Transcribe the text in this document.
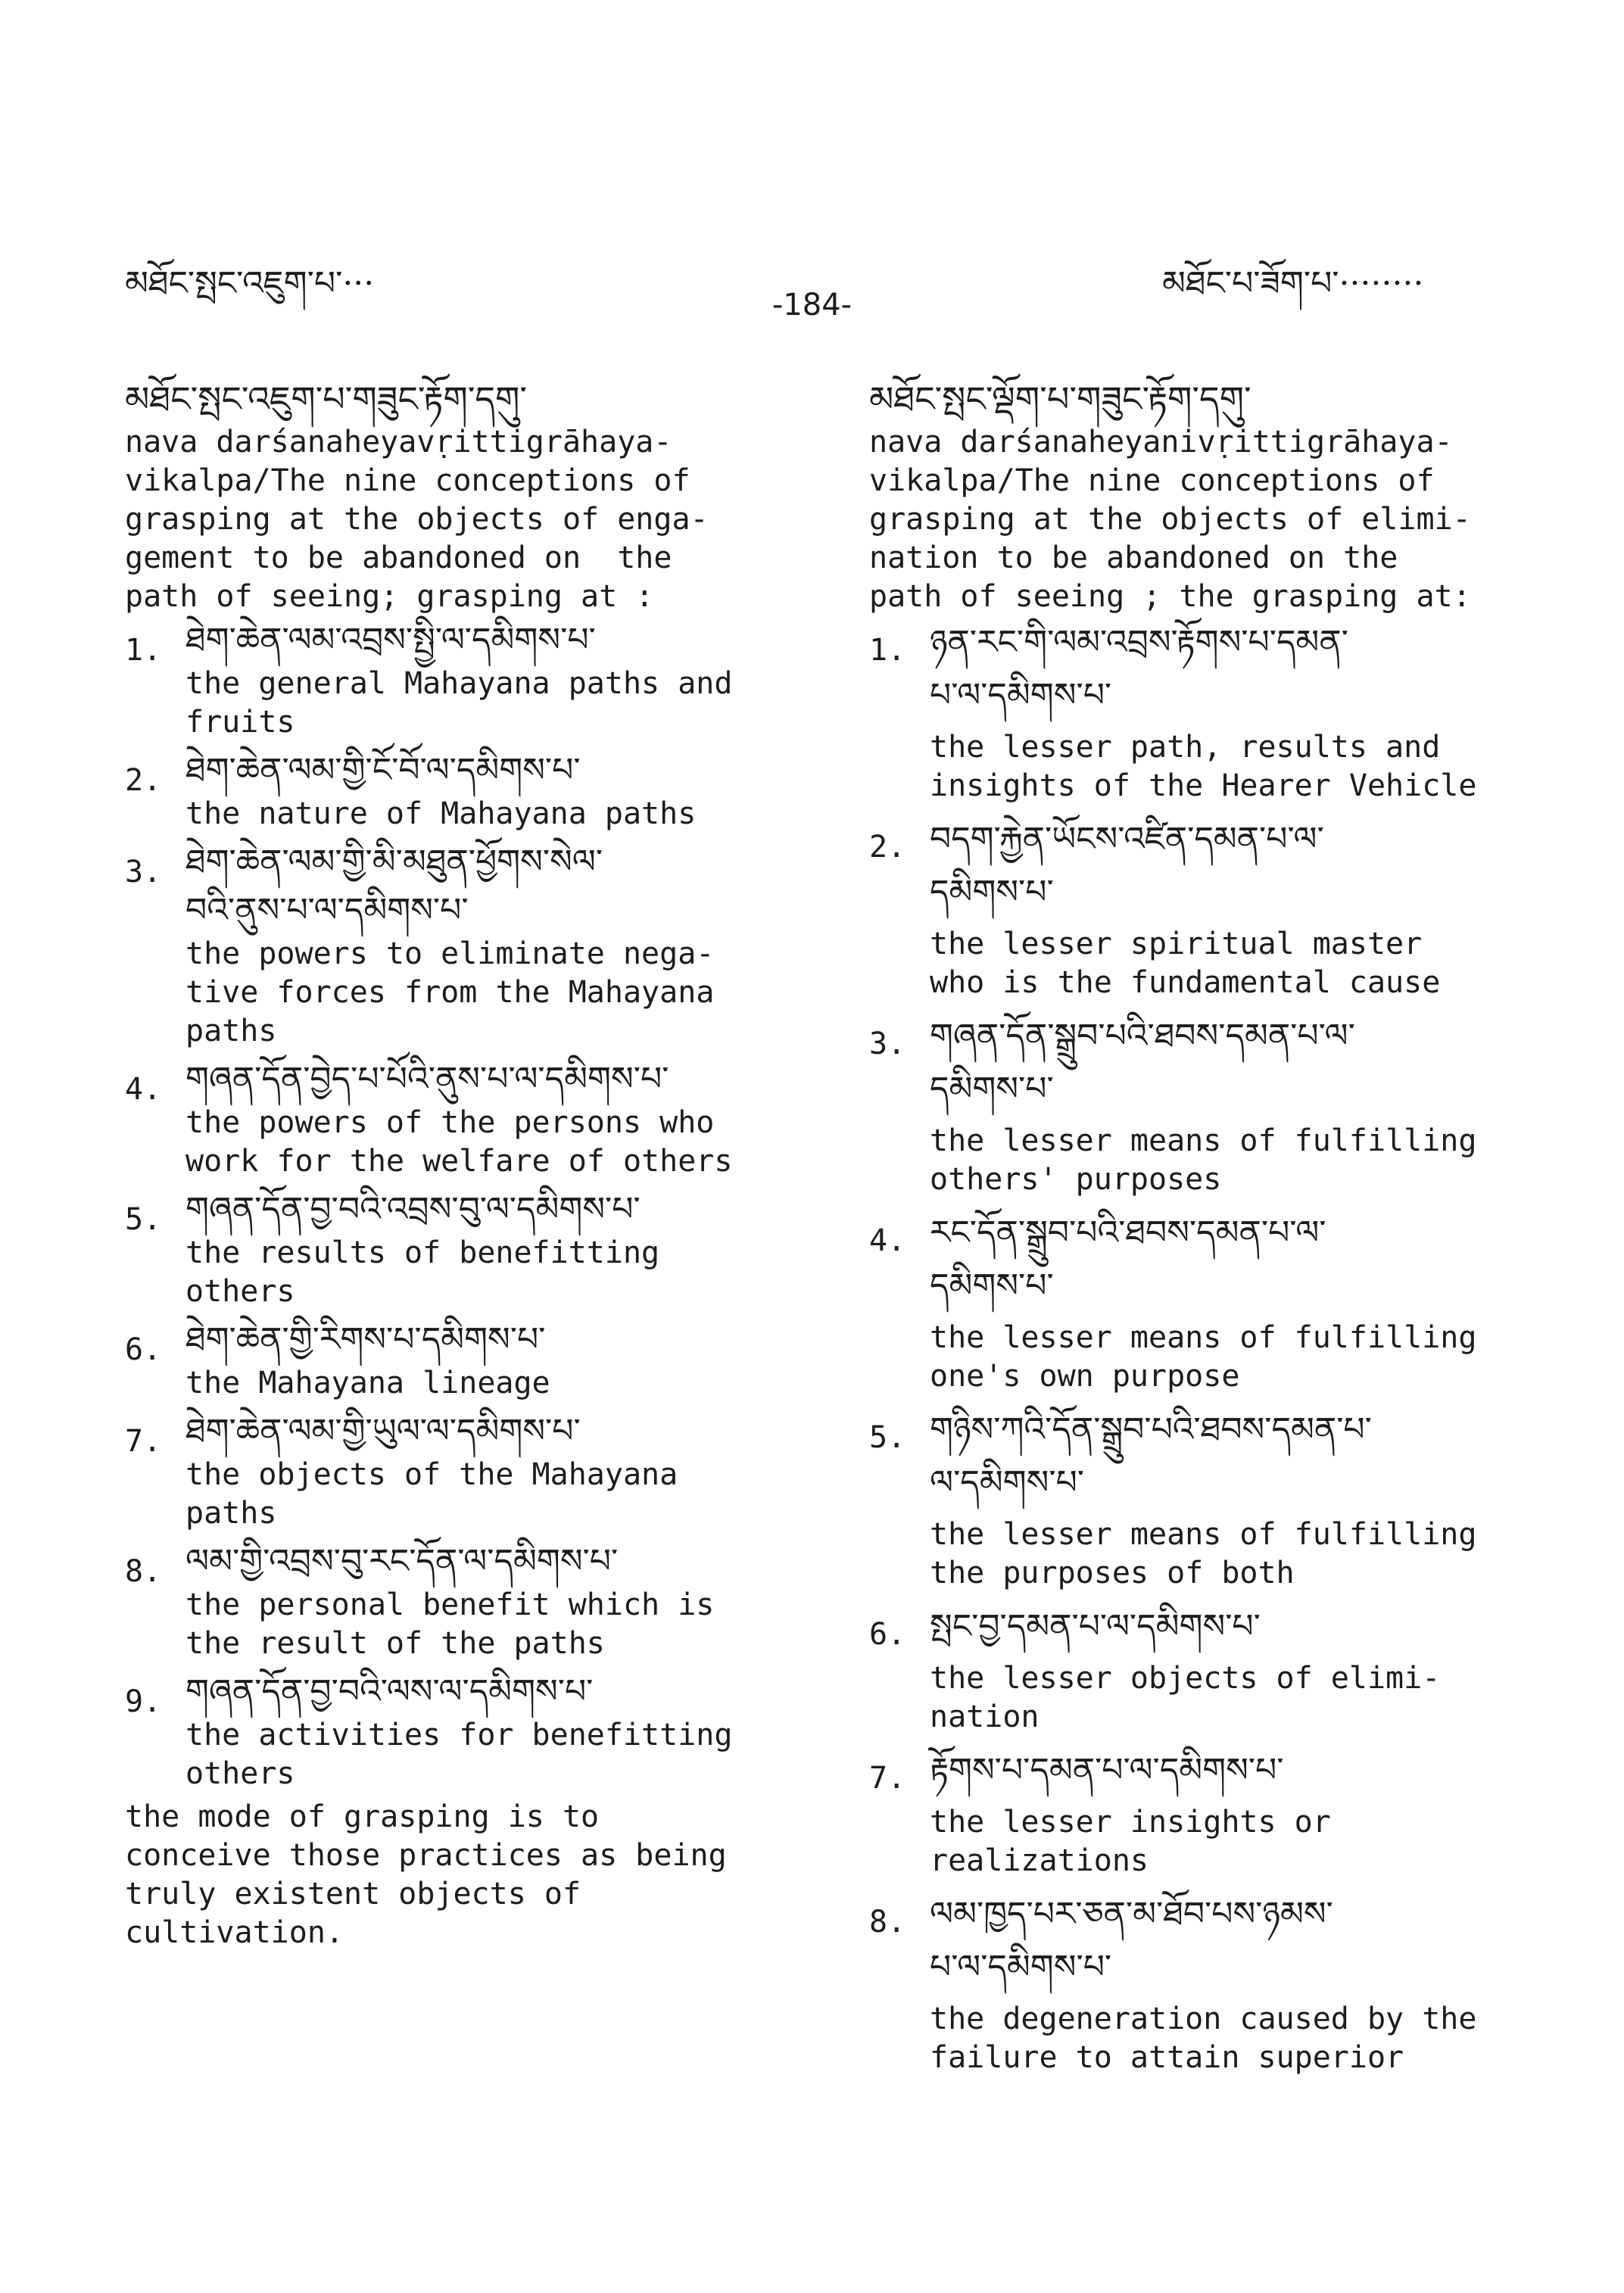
མཐོང་སྤང་འཇུག་པ་···
-184-
མཐོང་པ་ཟོག་པ་········
མཐོང་སྤང་འཇུག་པ་གཟུང་རྟོག་དགུ་
nava darśanaheyavṛittigrāhaya-
vikalpa/The nine conceptions of
grasping at the objects of enga-
gement to be abandoned on  the
path of seeing; grasping at :
1. ཐེག་ཆེན་ལམ་འབྲས་སྤྱི་ལ་དམིགས་པ་
the general Mahayana paths and
fruits
2. ཐེག་ཆེན་ལམ་གྱི་ངོ་བོ་ལ་དམིགས་པ་
the nature of Mahayana paths
3. ཐེག་ཆེན་ལམ་གྱི་མི་མཐུན་ཕྱོགས་སེལ་
བའི་ནུས་པ་ལ་དམིགས་པ་
the powers to eliminate nega-
tive forces from the Mahayana
paths
4. གཞན་དོན་བྱེད་པ་པོའི་ནུས་པ་ལ་དམིགས་པ་
the powers of the persons who
work for the welfare of others
5. གཞན་དོན་བྱ་བའི་འབྲས་བུ་ལ་དམིགས་པ་
the results of benefitting
others
6. ཐེག་ཆེན་གྱི་རིགས་པ་དམིགས་པ་
the Mahayana lineage
7. ཐེག་ཆེན་ལམ་གྱི་ཡུལ་ལ་དམིགས་པ་
the objects of the Mahayana
paths
8. ལམ་གྱི་འབྲས་བུ་རང་དོན་ལ་དམིགས་པ་
the personal benefit which is
the result of the paths
9. གཞན་དོན་བྱ་བའི་ལས་ལ་དམིགས་པ་
the activities for benefitting
others
the mode of grasping is to
conceive those practices as being
truly existent objects of
cultivation.
མཐོང་སྤང་ལྡོག་པ་གཟུང་རྟོག་དགུ་
nava darśanaheyanivṛittigrāhaya-
vikalpa/The nine conceptions of
grasping at the objects of elimi-
nation to be abandoned on the
path of seeing ; the grasping at:
1. ཉན་རང་གི་ལམ་འབྲས་རྟོགས་པ་དམན་
པ་ལ་དམིགས་པ་
the lesser path, results and
insights of the Hearer Vehicle
2. བདག་རྐྱེན་ཡོངས་འཛིན་དམན་པ་ལ་
དམིགས་པ་
the lesser spiritual master
who is the fundamental cause
3. གཞན་དོན་སྒྲུབ་པའི་ཐབས་དམན་པ་ལ་
དམིགས་པ་
the lesser means of fulfilling
others' purposes
4. རང་དོན་སྒྲུབ་པའི་ཐབས་དམན་པ་ལ་
དམིགས་པ་
the lesser means of fulfilling
one's own purpose
5. གཉིས་ཀའི་དོན་སྒྲུབ་པའི་ཐབས་དམན་པ་
ལ་དམིགས་པ་
the lesser means of fulfilling
the purposes of both
6. སྤང་བྱ་དམན་པ་ལ་དམིགས་པ་
the lesser objects of elimi-
nation
7. རྟོགས་པ་དམན་པ་ལ་དམིགས་པ་
the lesser insights or
realizations
8. ལམ་ཁྱད་པར་ཅན་མ་ཐོབ་པས་ཉམས་
པ་ལ་དམིགས་པ་
the degeneration caused by the
failure to attain superior
